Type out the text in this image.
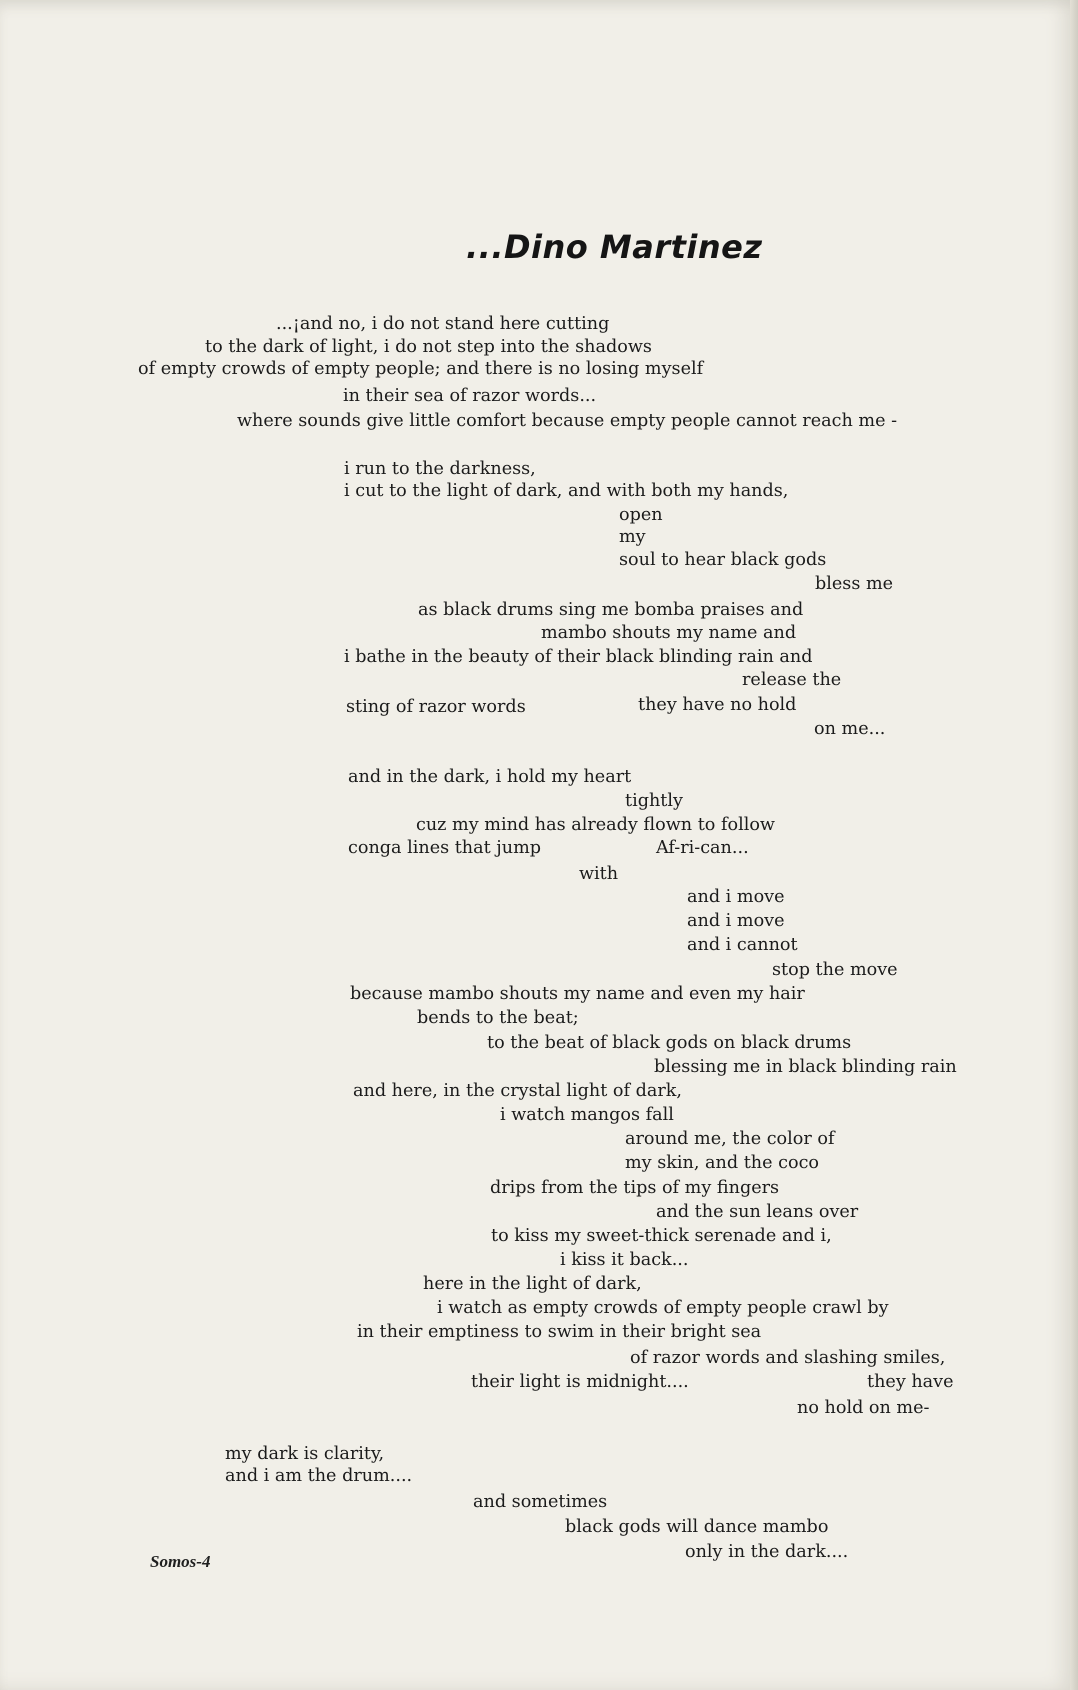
...Dino Martinez
...¡and no, i do not stand here cutting
to the dark of light, i do not step into the shadows
of empty crowds of empty people; and there is no losing myself
in their sea of razor words...
where sounds give little comfort because empty people cannot reach me -
i run to the darkness,
i cut to the light of dark, and with both my hands,
open
my
soul to hear black gods
bless me
as black drums sing me bomba praises and
mambo shouts my name and
i bathe in the beauty of their black blinding rain and
release the
sting of razor words	they have no hold
on me...
and in the dark, i hold my heart
tightly
cuz my mind has already flown to follow
conga lines that jump	Af-ri-can...
with
and i move
and i move
and i cannot
stop the move
because mambo shouts my name and even my hair
bends to the beat;
to the beat of black gods on black drums
blessing me in black blinding rain
and here, in the crystal light of dark,
i watch mangos fall
around me, the color of
my skin, and the coco
drips from the tips of my fingers
and the sun leans over
to kiss my sweet-thick serenade and i,
i kiss it back...
here in the light of dark,
i watch as empty crowds of empty people crawl by
in their emptiness to swim in their bright sea
of razor words and slashing smiles,
their light is midnight....	they have
no hold on me-
my dark is clarity,
and i am the drum....
and sometimes
black gods will dance mambo
only in the dark....
Somos-4
